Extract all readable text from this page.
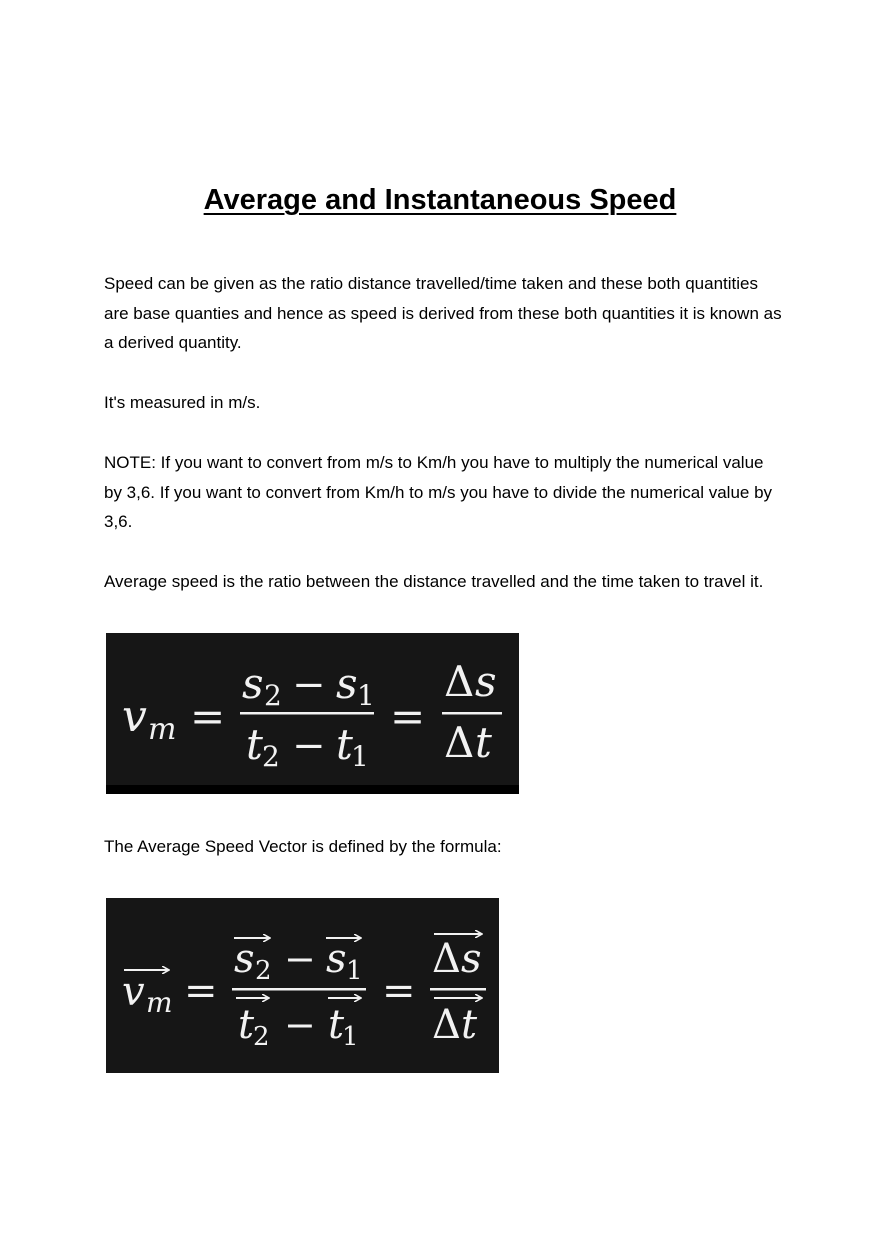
Average and Instantaneous Speed

Speed can be given as the ratio distance travelled/time taken and these both quantities are base quanties and hence as speed is derived from these both quantities it is known as a derived quantity.

It's measured in m/s.

NOTE: If you want to convert from m/s to Km/h you have to multiply the numerical value by 3,6. If you want to convert from Km/h to m/s you have to divide the numerical value by 3,6.

Average speed is the ratio between the distance travelled and the time taken to travel it.

v m =
s 2 − s 1
t 2 − t
1
=
Δ s
Δ t

The Average Speed Vector is defined by the formula:

v m =
s 2 − s 1
t
2 − t
1
=
Δ s
Δ t
